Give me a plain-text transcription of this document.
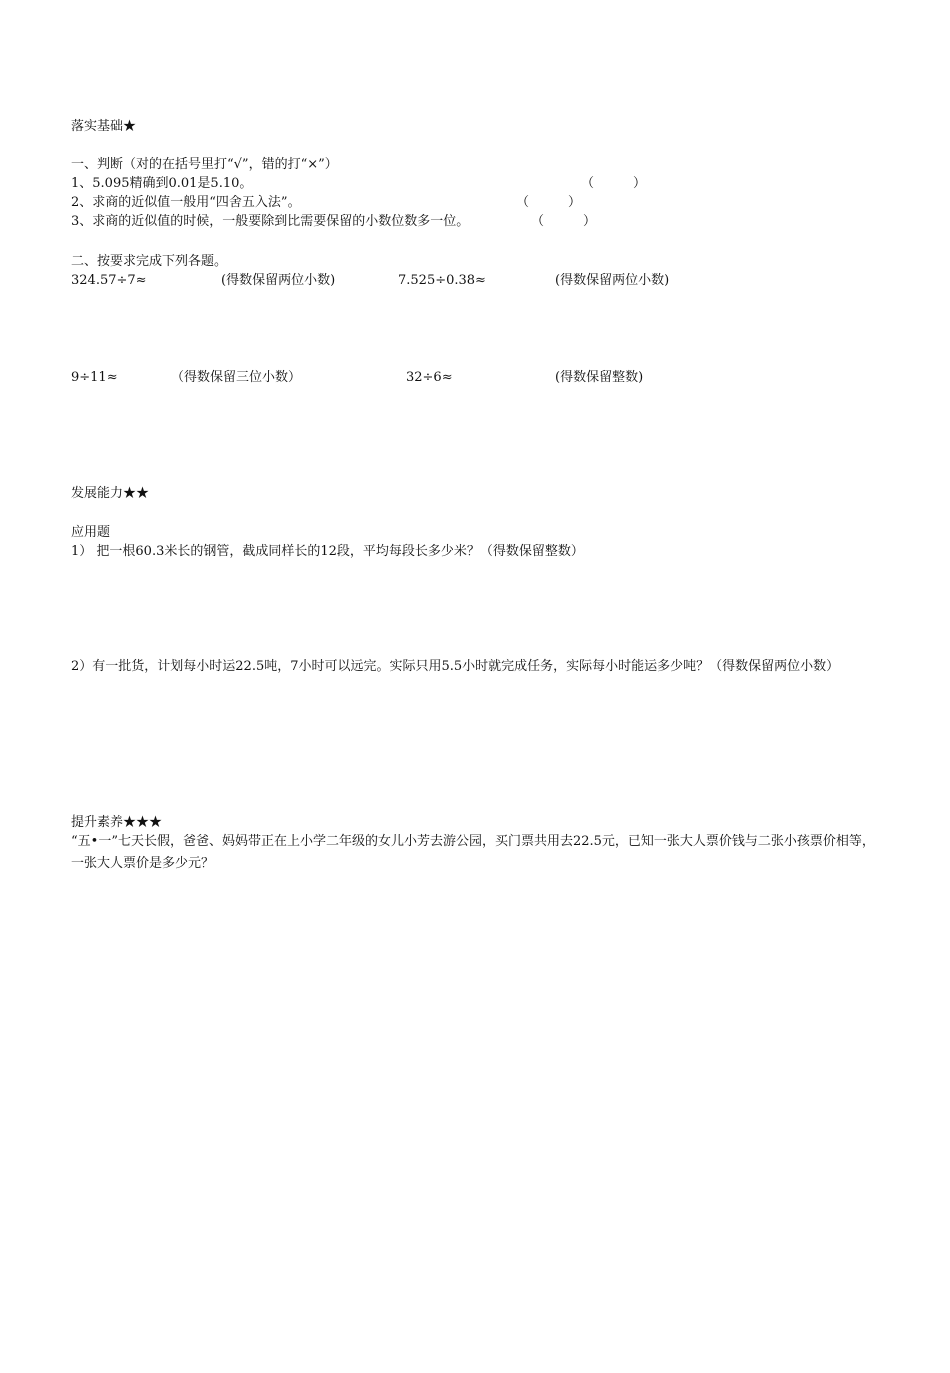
落实基础★
一、判断（对的在括号里打“√”，错的打“×”）
1、5.095精确到0.01是5.10。	（　　　）
2、求商的近似值一般用“四舍五入法”。	（　　　）
3、求商的近似值的时候，一般要除到比需要保留的小数位数多一位。	（　　　）
二、按要求完成下列各题。
324.57÷7≈	(得数保留两位小数)	7.525÷0.38≈	(得数保留两位小数)
9÷11≈	（得数保留三位小数）	32÷6≈	(得数保留整数)
发展能力★★
应用题
1） 把一根60.3米长的钢管，截成同样长的12段，平均每段长多少米？（得数保留整数）
2）有一批货，计划每小时运22.5吨，7小时可以远完。实际只用5.5小时就完成任务，实际每小时能运多少吨？（得数保留两位小数）
提升素养★★★
“五•一”七天长假，爸爸、妈妈带正在上小学二年级的女儿小芳去游公园，买门票共用去22.5元，已知一张大人票价钱与二张小孩票价相等，一张大人票价是多少元？
